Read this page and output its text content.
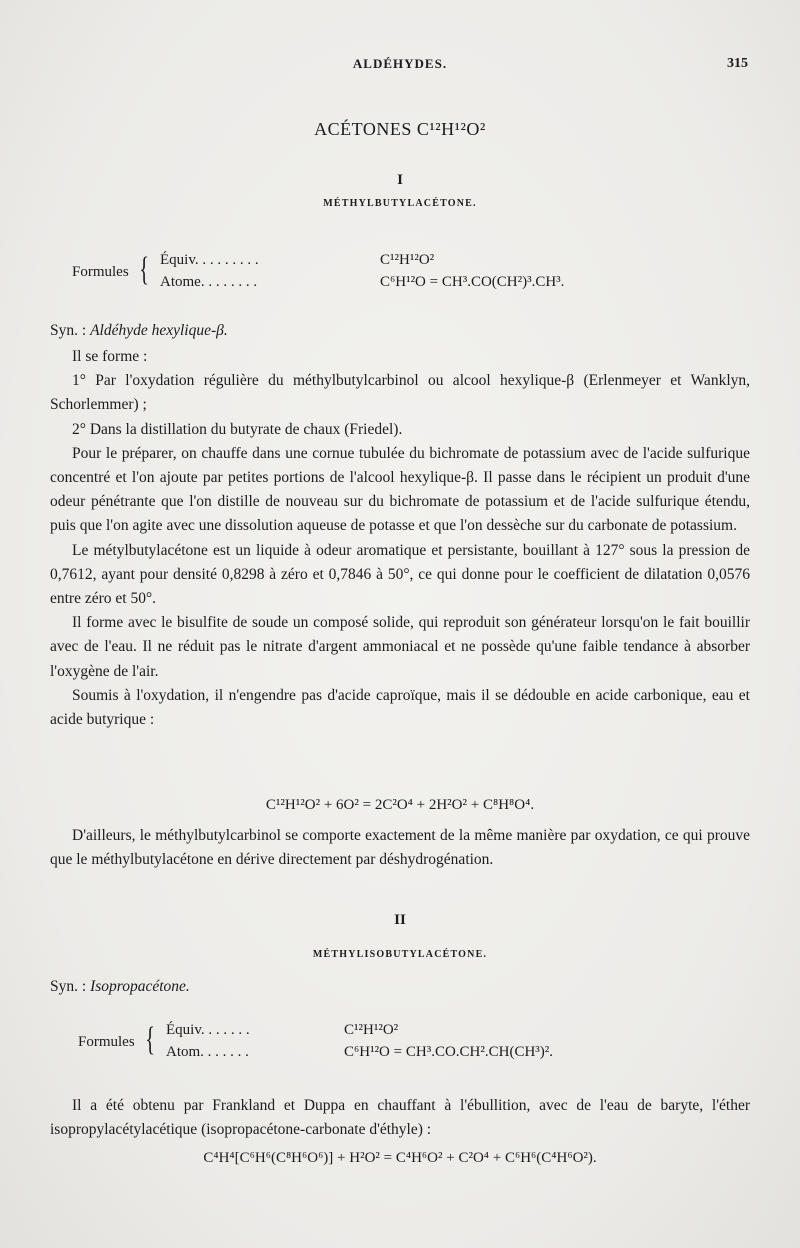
ALDÉHYDES.	315
ACÉTONES C¹²H¹²O²
I
MÉTHYLBUTYLACÉTONE.
Formules { Équiv. . . . . . . . .	C¹²H¹²O²
Atome. . . . . . . .	C⁶H¹²O = CH³.CO(CH²)³.CH³.
Syn. : Aldéhyde hexylique-β.

Il se forme :

1° Par l'oxydation régulière du méthylbutylcarbinol ou alcool hexylique-β (Erlenmeyer et Wanklyn, Schorlemmer) ;

2° Dans la distillation du butyrate de chaux (Friedel).

Pour le préparer, on chauffe dans une cornue tubulée du bichromate de potassium avec de l'acide sulfurique concentré et l'on ajoute par petites portions de l'alcool hexylique-β. Il passe dans le récipient un produit d'une odeur pénétrante que l'on distille de nouveau sur du bichromate de potassium et de l'acide sulfurique étendu, puis que l'on agite avec une dissolution aqueuse de potasse et que l'on dessèche sur du carbonate de potassium.

Le métylbutylacétone est un liquide à odeur aromatique et persistante, bouillant à 127° sous la pression de 0,7612, ayant pour densité 0,8298 à zéro et 0,7846 à 50°, ce qui donne pour le coefficient de dilatation 0,0576 entre zéro et 50°.

Il forme avec le bisulfite de soude un composé solide, qui reproduit son générateur lorsqu'on le fait bouillir avec de l'eau. Il ne réduit pas le nitrate d'argent ammoniacal et ne possède qu'une faible tendance à absorber l'oxygène de l'air.

Soumis à l'oxydation, il n'engendre pas d'acide caproïque, mais il se dédouble en acide carbonique, eau et acide butyrique :

C¹²H¹²O² + 6O² = 2C²O⁴ + 2H²O² + C⁸H⁸O⁴.

D'ailleurs, le méthylbutylcarbinol se comporte exactement de la même manière par oxydation, ce qui prouve que le méthylbutylacétone en dérive directement par déshydrogénation.

II
MÉTHYLISOBUTYLACÉTONE.
Syn. : Isopropacétone.
Formules { Équiv. . . . . . .	C¹²H¹²O²
Atom. . . . . . .	C⁶H¹²O = CH³.CO.CH².CH(CH³)².

Il a été obtenu par Frankland et Duppa en chauffant à l'ébullition, avec de l'eau de baryte, l'éther isopropylacétylacétique (isopropacétone-carbonate d'éthyle) :

C⁴H⁴[C⁶H⁶(C⁸H⁶O⁶)] + H²O² = C⁴H⁶O² + C²O⁴ + C⁶H⁶(C⁴H⁶O²).
